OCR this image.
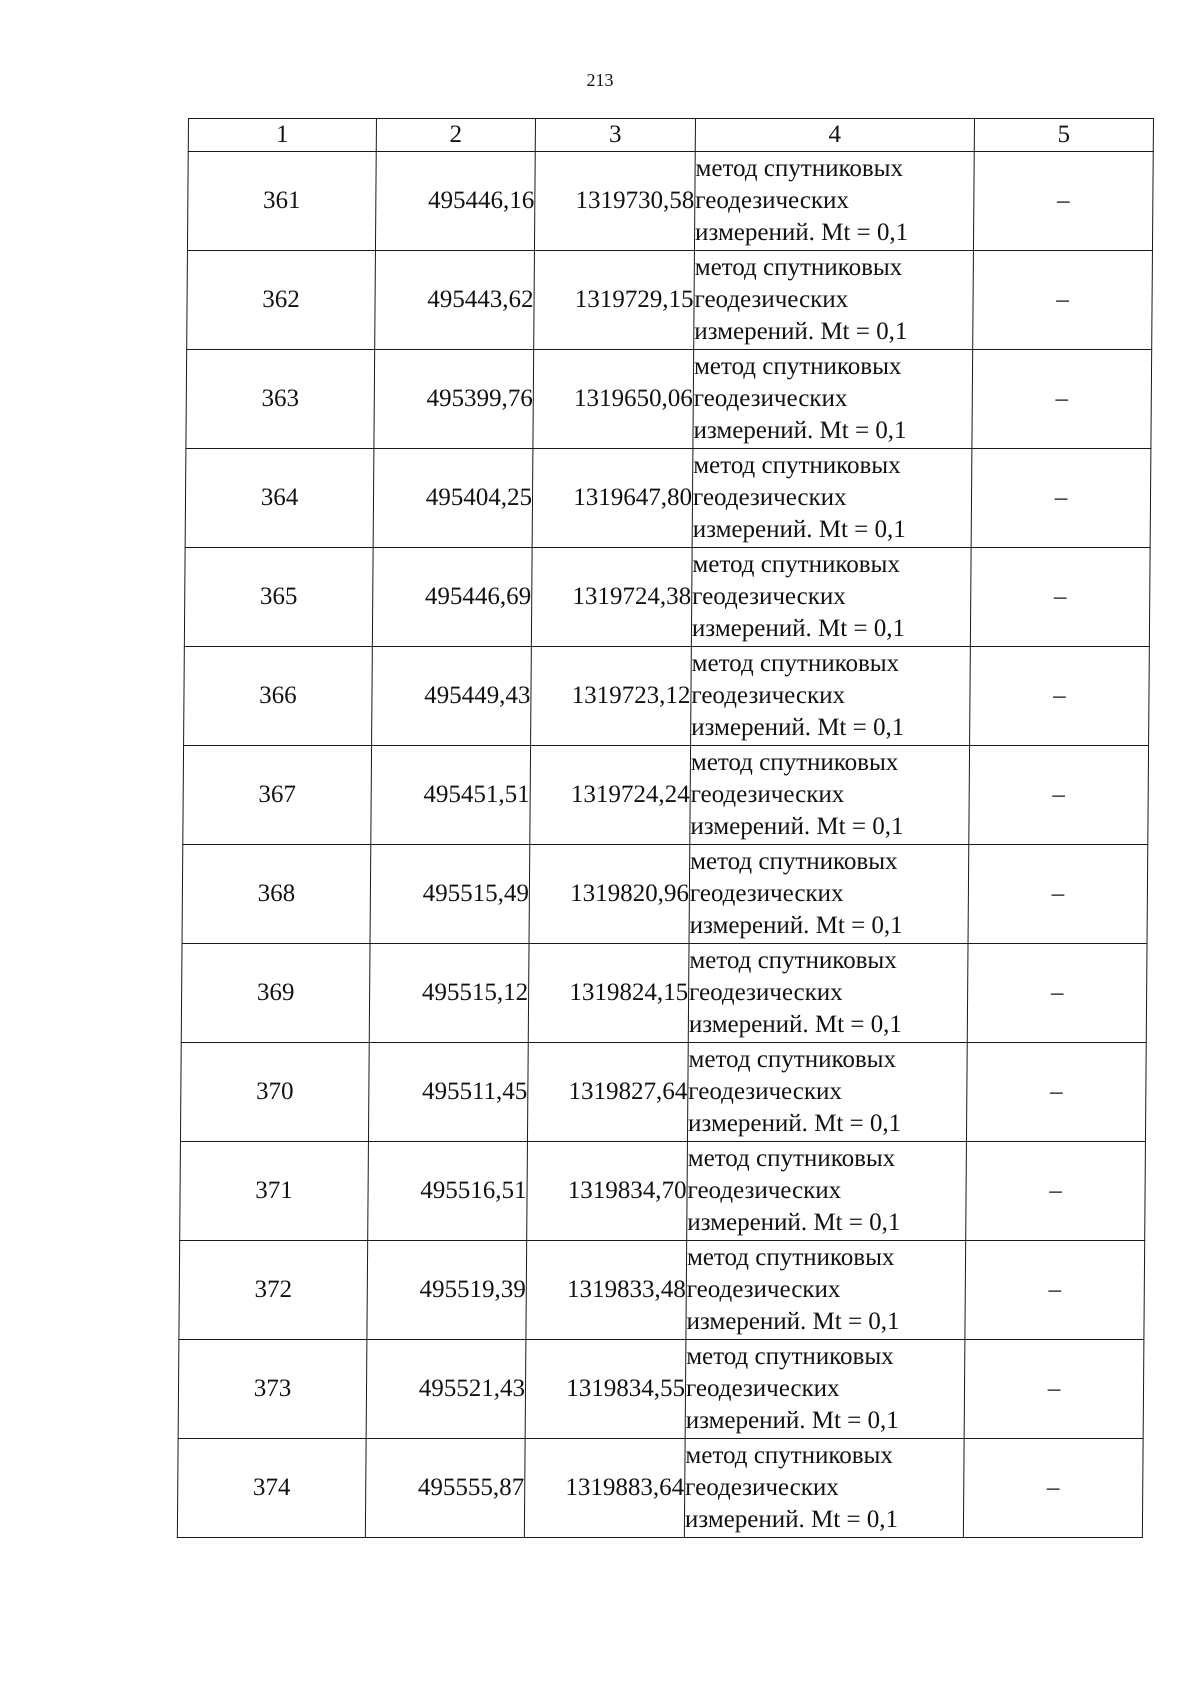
213
1	2	3	4	5
361	495446,16	1319730,58	метод спутниковых
геодезических
измерений. Mt = 0,1	–
362	495443,62	1319729,15	метод спутниковых
геодезических
измерений. Mt = 0,1	–
363	495399,76	1319650,06	метод спутниковых
геодезических
измерений. Mt = 0,1	–
364	495404,25	1319647,80	метод спутниковых
геодезических
измерений. Mt = 0,1	–
365	495446,69	1319724,38	метод спутниковых
геодезических
измерений. Mt = 0,1	–
366	495449,43	1319723,12	метод спутниковых
геодезических
измерений. Mt = 0,1	–
367	495451,51	1319724,24	метод спутниковых
геодезических
измерений. Mt = 0,1	–
368	495515,49	1319820,96	метод спутниковых
геодезических
измерений. Mt = 0,1	–
369	495515,12	1319824,15	метод спутниковых
геодезических
измерений. Mt = 0,1	–
370	495511,45	1319827,64	метод спутниковых
геодезических
измерений. Mt = 0,1	–
371	495516,51	1319834,70	метод спутниковых
геодезических
измерений. Mt = 0,1	–
372	495519,39	1319833,48	метод спутниковых
геодезических
измерений. Mt = 0,1	–
373	495521,43	1319834,55	метод спутниковых
геодезических
измерений. Mt = 0,1	–
374	495555,87	1319883,64	метод спутниковых
геодезических
измерений. Mt = 0,1	–
